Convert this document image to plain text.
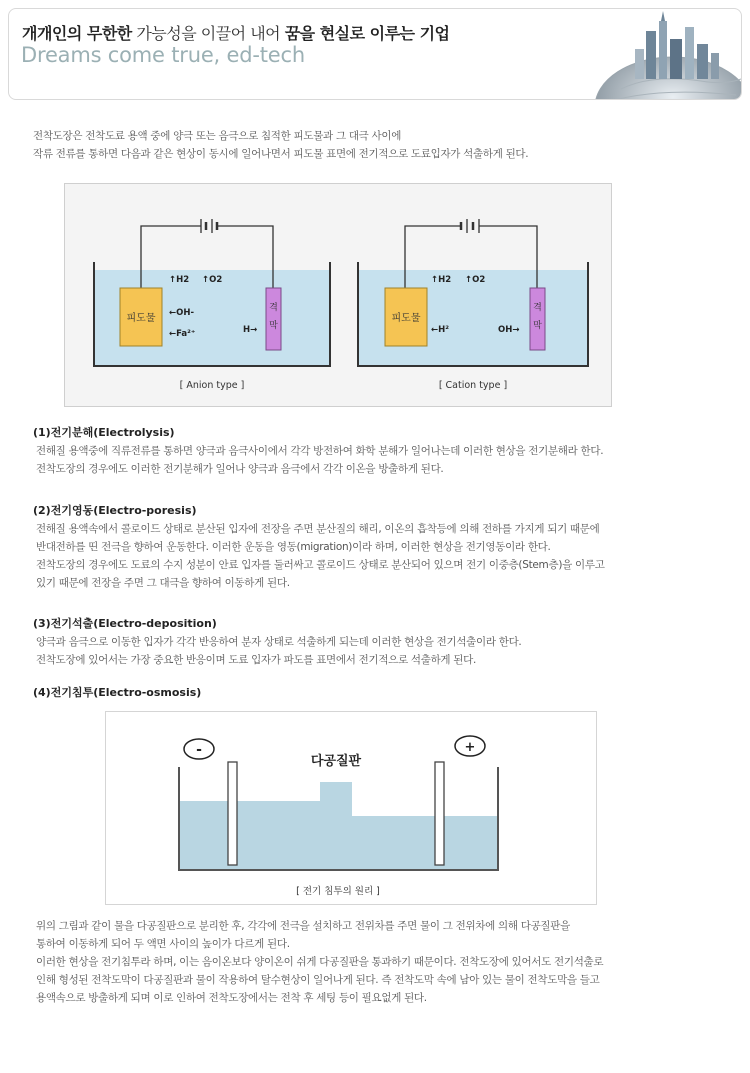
개개인의 무한한 가능성을 이끌어 내어 꿈을 현실로 이루는 기업
Dreams come true, ed-tech
전착도장은 전착도료 용액 중에 양극 또는 음극으로 침적한 피도물과 그 대극 사이에
작류 전류를 통하면 다음과 같은 현상이 동시에 일어나면서 피도물 표면에 전기적으로 도료입자가 석출하게 된다.
피도물
격
막
↑H2 ↑O2
←OH-
←Fa²⁺	H→
[ Anion type ]
피도물
격
막
↑H2 ↑O2
←H²	OH→
[ Cation type ]
(1)전기분해(Electrolysis)
전해질 용액중에 직류전류를 통하면 양극과 음극사이에서 각각 방전하여 화학 분해가 일어나는데 이러한 현상을 전기분해라 한다.
전착도장의 경우에도 이러한 전기분해가 일어나 양극과 음극에서 각각 이온을 방출하게 된다.
(2)전기영동(Electro-poresis)
전해질 용액속에서 콜로이드 상태로 분산된 입자에 전장을 주면 분산질의 해리, 이온의 흡착등에 의해 전하를 가지게 되기 때문에
반대전하를 띤 전극을 향하여 운동한다. 이러한 운동을 영동(migration)이라 하며, 이러한 현상을 전기영동이라 한다.
전착도장의 경우에도 도료의 수지 성분이 안료 입자를 둘러싸고 콜로이드 상태로 분산되어 있으며 전기 이중층(Stem층)을 이루고
있기 때문에 전장을 주면 그 대극을 향하여 이동하게 된다.
(3)전기석출(Electro-deposition)
양극과 음극으로 이동한 입자가 각각 반응하여 분자 상태로 석출하게 되는데 이러한 현상을 전기석출이라 한다.
전착도장에 있어서는 가장 중요한 반응이며 도료 입자가 파도를 표면에서 전기적으로 석출하게 된다.
(4)전기침투(Electro-osmosis)
-	+
다공질판
[ 전기 침투의 원리 ]
위의 그림과 같이 물을 다공질판으로 분리한 후, 각각에 전극을 설치하고 전위차를 주면 물이 그 전위차에 의해 다공질판을
통하여 이동하게 되어 두 액면 사이의 높이가 다르게 된다.
이러한 현상을 전기침투라 하며, 이는 음이온보다 양이온이 쉬게 다공질판을 통과하기 때문이다. 전착도장에 있어서도 전기석출로
인해 형성된 전착도막이 다공질판과 물이 작용하여 탈수현상이 일어나게 된다. 즉 전착도막 속에 남아 있는 물이 전착도막을 들고
용액속으로 방출하게 되며 이로 인하여 전착도장에서는 전착 후 세팅 등이 필요없게 된다.
